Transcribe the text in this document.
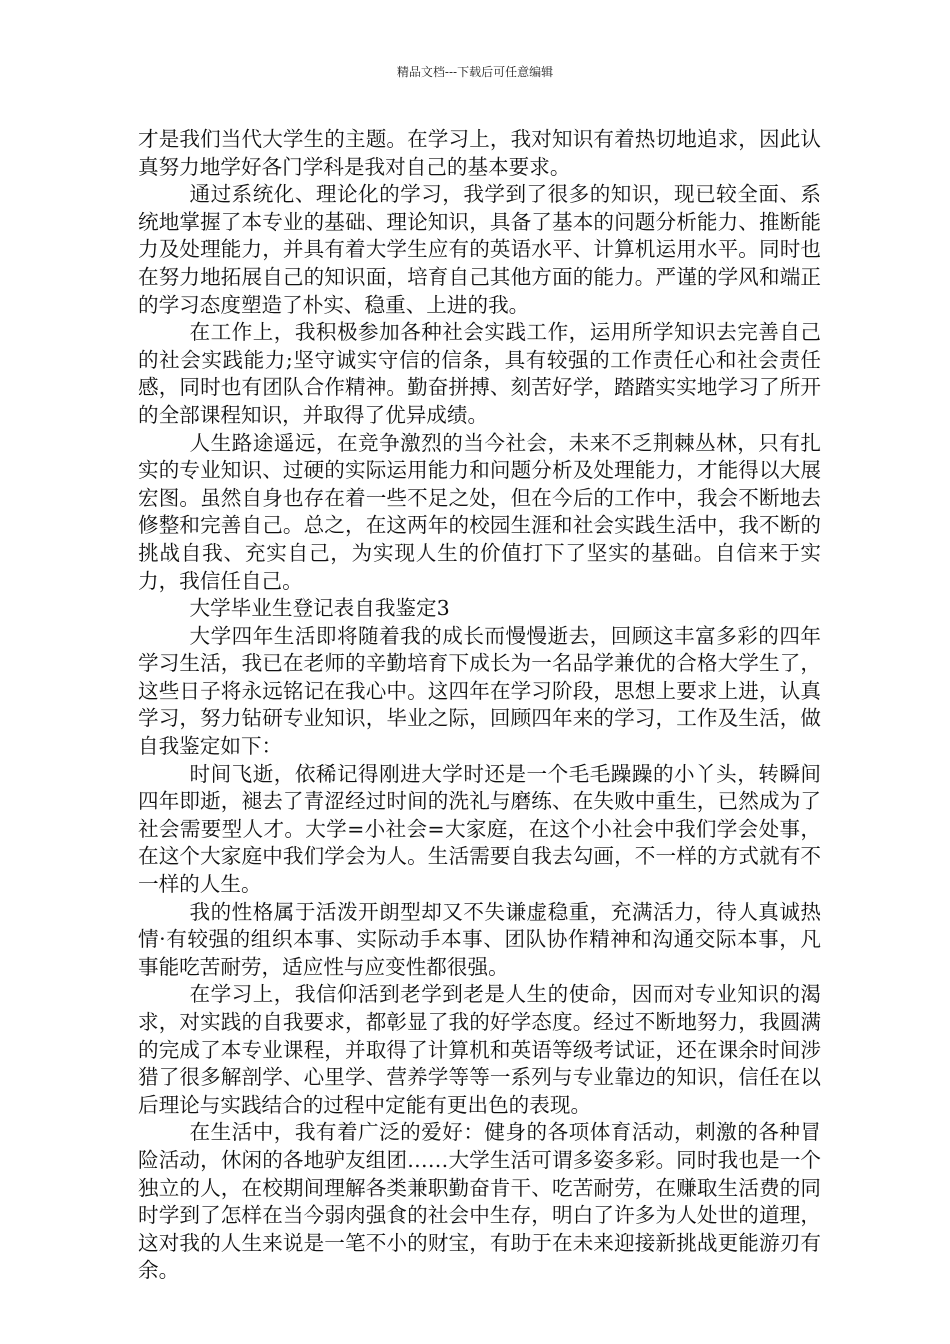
精品文档---下载后可任意编辑

才是我们当代大学生的主题。在学习上，我对知识有着热切地追求，因此认真努力地学好各门学科是我对自己的基本要求。

通过系统化、理论化的学习，我学到了很多的知识，现已较全面、系统地掌握了本专业的基础、理论知识，具备了基本的问题分析能力、推断能力及处理能力，并具有着大学生应有的英语水平、计算机运用水平。同时也在努力地拓展自己的知识面，培育自己其他方面的能力。严谨的学风和端正的学习态度塑造了朴实、稳重、上进的我。

在工作上，我积极参加各种社会实践工作，运用所学知识去完善自己的社会实践能力;坚守诚实守信的信条，具有较强的工作责任心和社会责任感，同时也有团队合作精神。勤奋拼搏、刻苦好学，踏踏实实地学习了所开的全部课程知识，并取得了优异成绩。

人生路途遥远，在竞争激烈的当今社会，未来不乏荆棘丛林，只有扎实的专业知识、过硬的实际运用能力和问题分析及处理能力，才能得以大展宏图。虽然自身也存在着一些不足之处，但在今后的工作中，我会不断地去修整和完善自己。总之，在这两年的校园生涯和社会实践生活中，我不断的挑战自我、充实自己，为实现人生的价值打下了坚实的基础。自信来于实力，我信任自己。

大学毕业生登记表自我鉴定3

大学四年生活即将随着我的成长而慢慢逝去，回顾这丰富多彩的四年学习生活，我已在老师的辛勤培育下成长为一名品学兼优的合格大学生了，这些日子将永远铭记在我心中。这四年在学习阶段，思想上要求上进，认真学习，努力钻研专业知识，毕业之际，回顾四年来的学习，工作及生活，做自我鉴定如下：

时间飞逝，依稀记得刚进大学时还是一个毛毛躁躁的小丫头，转瞬间四年即逝，褪去了青涩经过时间的洗礼与磨练、在失败中重生，已然成为了社会需要型人才。大学=小社会=大家庭，在这个小社会中我们学会处事，在这个大家庭中我们学会为人。生活需要自我去勾画，不一样的方式就有不一样的人生。

我的性格属于活泼开朗型却又不失谦虚稳重，充满活力，待人真诚热情·有较强的组织本事、实际动手本事、团队协作精神和沟通交际本事，凡事能吃苦耐劳，适应性与应变性都很强。

在学习上，我信仰活到老学到老是人生的使命，因而对专业知识的渴求，对实践的自我要求，都彰显了我的好学态度。经过不断地努力，我圆满的完成了本专业课程，并取得了计算机和英语等级考试证，还在课余时间涉猎了很多解剖学、心里学、营养学等等一系列与专业靠边的知识，信任在以后理论与实践结合的过程中定能有更出色的表现。

在生活中，我有着广泛的爱好：健身的各项体育活动，刺激的各种冒险活动，休闲的各地驴友组团……大学生活可谓多姿多彩。同时我也是一个独立的人，在校期间理解各类兼职勤奋肯干、吃苦耐劳，在赚取生活费的同时学到了怎样在当今弱肉强食的社会中生存，明白了许多为人处世的道理，这对我的人生来说是一笔不小的财宝，有助于在未来迎接新挑战更能游刃有余。
